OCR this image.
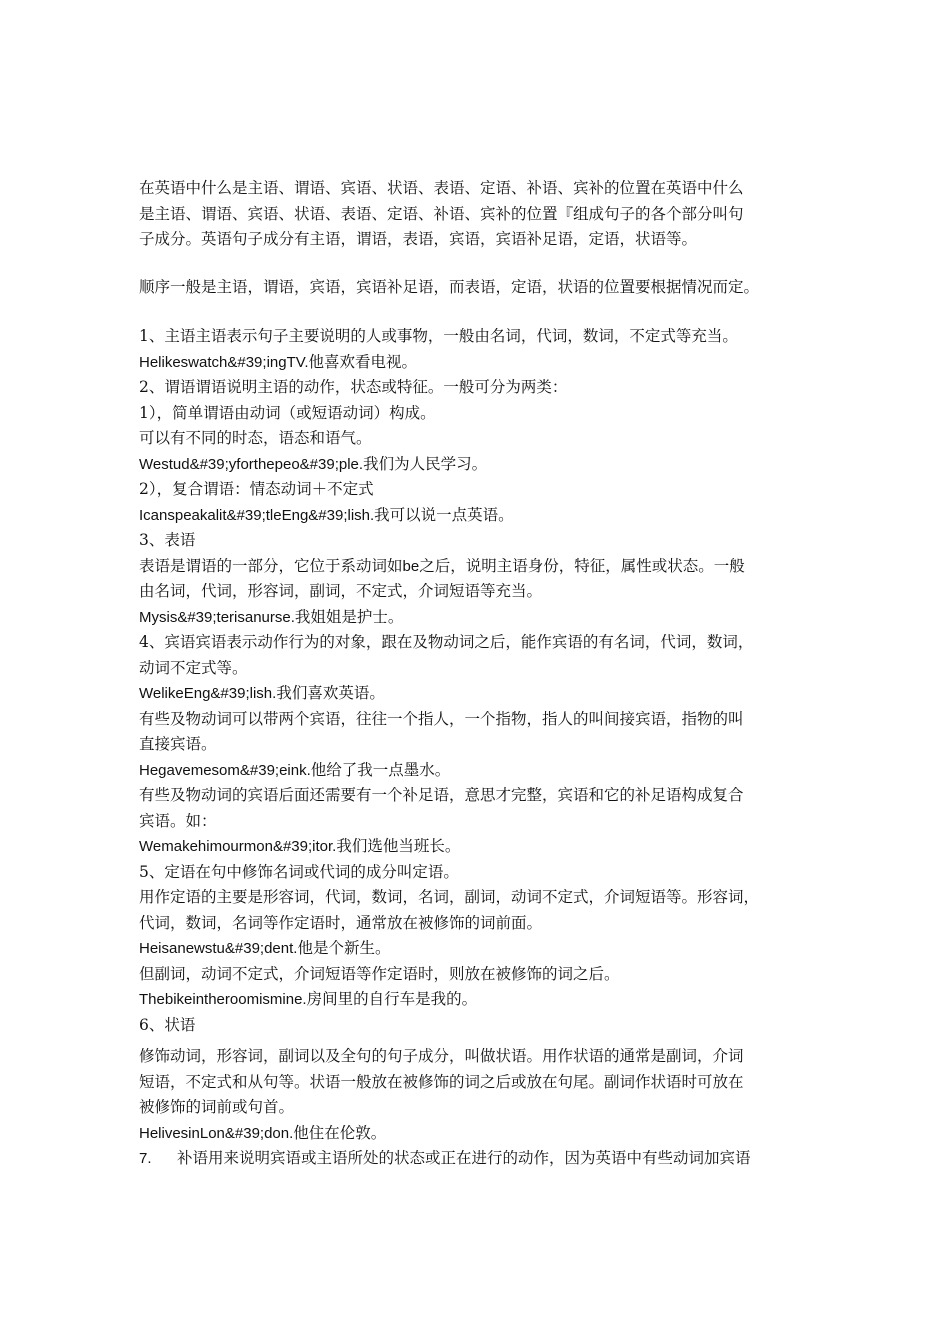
在英语中什么是主语、谓语、宾语、状语、表语、定语、补语、宾补的位置在英语中什么
是主语、谓语、宾语、状语、表语、定语、补语、宾补的位置『组成句子的各个部分叫句
子成分。英语句子成分有主语，谓语，表语，宾语，宾语补足语，定语，状语等。
顺序一般是主语，谓语，宾语，宾语补足语，而表语，定语，状语的位置要根据情况而定。
1、主语主语表示句子主要说明的人或事物，一般由名词，代词，数词，不定式等充当。
Helikeswatch&#39;ingTV.他喜欢看电视。
2、谓语谓语说明主语的动作，状态或特征。一般可分为两类：
1），简单谓语由动词（或短语动词）构成。
可以有不同的时态，语态和语气。
Westud&#39;yforthepeo&#39;ple.我们为人民学习。
2），复合谓语：情态动词＋不定式
Icanspeakalit&#39;tleEng&#39;lish.我可以说一点英语。
3、表语
表语是谓语的一部分，它位于系动词如be之后，说明主语身份，特征，属性或状态。一般
由名词，代词，形容词，副词，不定式，介词短语等充当。
Mysis&#39;terisanurse.我姐姐是护士。
4、宾语宾语表示动作行为的对象，跟在及物动词之后，能作宾语的有名词，代词，数词，
动词不定式等。
WelikeEng&#39;lish.我们喜欢英语。
有些及物动词可以带两个宾语，往往一个指人，一个指物，指人的叫间接宾语，指物的叫
直接宾语。
Hegavemesom&#39;eink.他给了我一点墨水。
有些及物动词的宾语后面还需要有一个补足语，意思才完整，宾语和它的补足语构成复合
宾语。如：
Wemakehimourmon&#39;itor.我们选他当班长。
5、定语在句中修饰名词或代词的成分叫定语。
用作定语的主要是形容词，代词，数词，名词，副词，动词不定式，介词短语等。形容词，
代词，数词，名词等作定语时，通常放在被修饰的词前面。
Heisanewstu&#39;dent.他是个新生。
但副词，动词不定式，介词短语等作定语时，则放在被修饰的词之后。
Thebikeintheroomismine.房间里的自行车是我的。
6、状语
修饰动词，形容词，副词以及全句的句子成分，叫做状语。用作状语的通常是副词，介词
短语，不定式和从句等。状语一般放在被修饰的词之后或放在句尾。副词作状语时可放在
被修饰的词前或句首。
HelivesinLon&#39;don.他住在伦敦。
7. 补语用来说明宾语或主语所处的状态或正在进行的动作，因为英语中有些动词加宾语
